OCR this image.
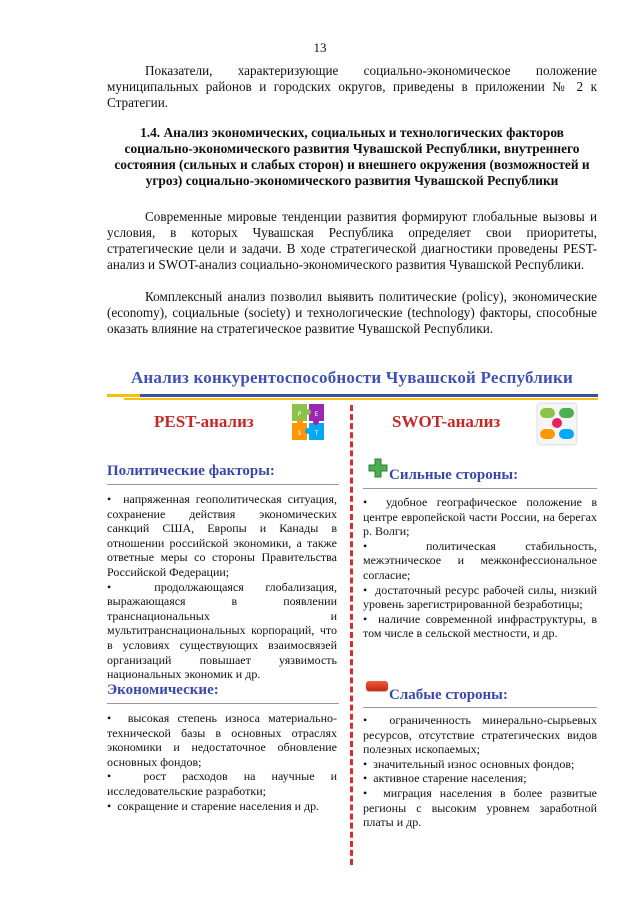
13

Показатели, характеризующие социально-экономическое положение муниципальных районов и городских округов, приведены в приложении № 2 к Стратегии.

1.4. Анализ экономических, социальных и технологических факторов социально-экономического развития Чувашской Республики, внутреннего состояния (сильных и слабых сторон) и внешнего окружения (возможностей и угроз) социально-экономического развития Чувашской Республики

Современные мировые тенденции развития формируют глобальные вызовы и условия, в которых Чувашская Республика определяет свои приоритеты, стратегические цели и задачи. В ходе стратегической диагностики проведены PEST-анализ и SWOT-анализ социально-экономического развития Чувашской Республики.

Комплексный анализ позволил выявить политические (policy), экономические (economy), социальные (society) и технологические (technology) факторы, способные оказать влияние на стратегическое развитие Чувашской Республики.

Анализ конкурентоспособности Чувашской Республики
PEST-анализ	P E
S T
SWOT-анализ
Политические факторы:
•  напряженная геополитическая ситуация, сохранение действия экономических санкций США, Европы и Канады в отношении российской экономики, а также ответные меры со стороны Правительства Российской Федерации;
•  продолжающаяся глобализация, выражающаяся в появлении транснациональных и мультитранснациональных корпораций, что в условиях существующих взаимосвязей организаций повышает уязвимость национальных экономик и др.
Экономические:
•  высокая степень износа материально-технической базы в основных отраслях экономики и недостаточное обновление основных фондов;
•  рост расходов на научные и исследовательские разработки;
•  сокращение и старение населения и др.
Сильные стороны:
•  удобное географическое положение в центре европейской части России, на берегах р. Волги;
•  политическая стабильность, межэтническое и межконфессиональное согласие;
•  достаточный ресурс рабочей силы, низкий уровень зарегистрированной безработицы;
•  наличие современной инфраструктуры, в том числе в сельской местности, и др.
Слабые стороны:
•  ограниченность минерально-сырьевых ресурсов, отсутствие стратегических видов полезных ископаемых;
•  значительный износ основных фондов;
•  активное старение населения;
•  миграция населения в более развитые регионы с высоким уровнем заработной платы и др.
